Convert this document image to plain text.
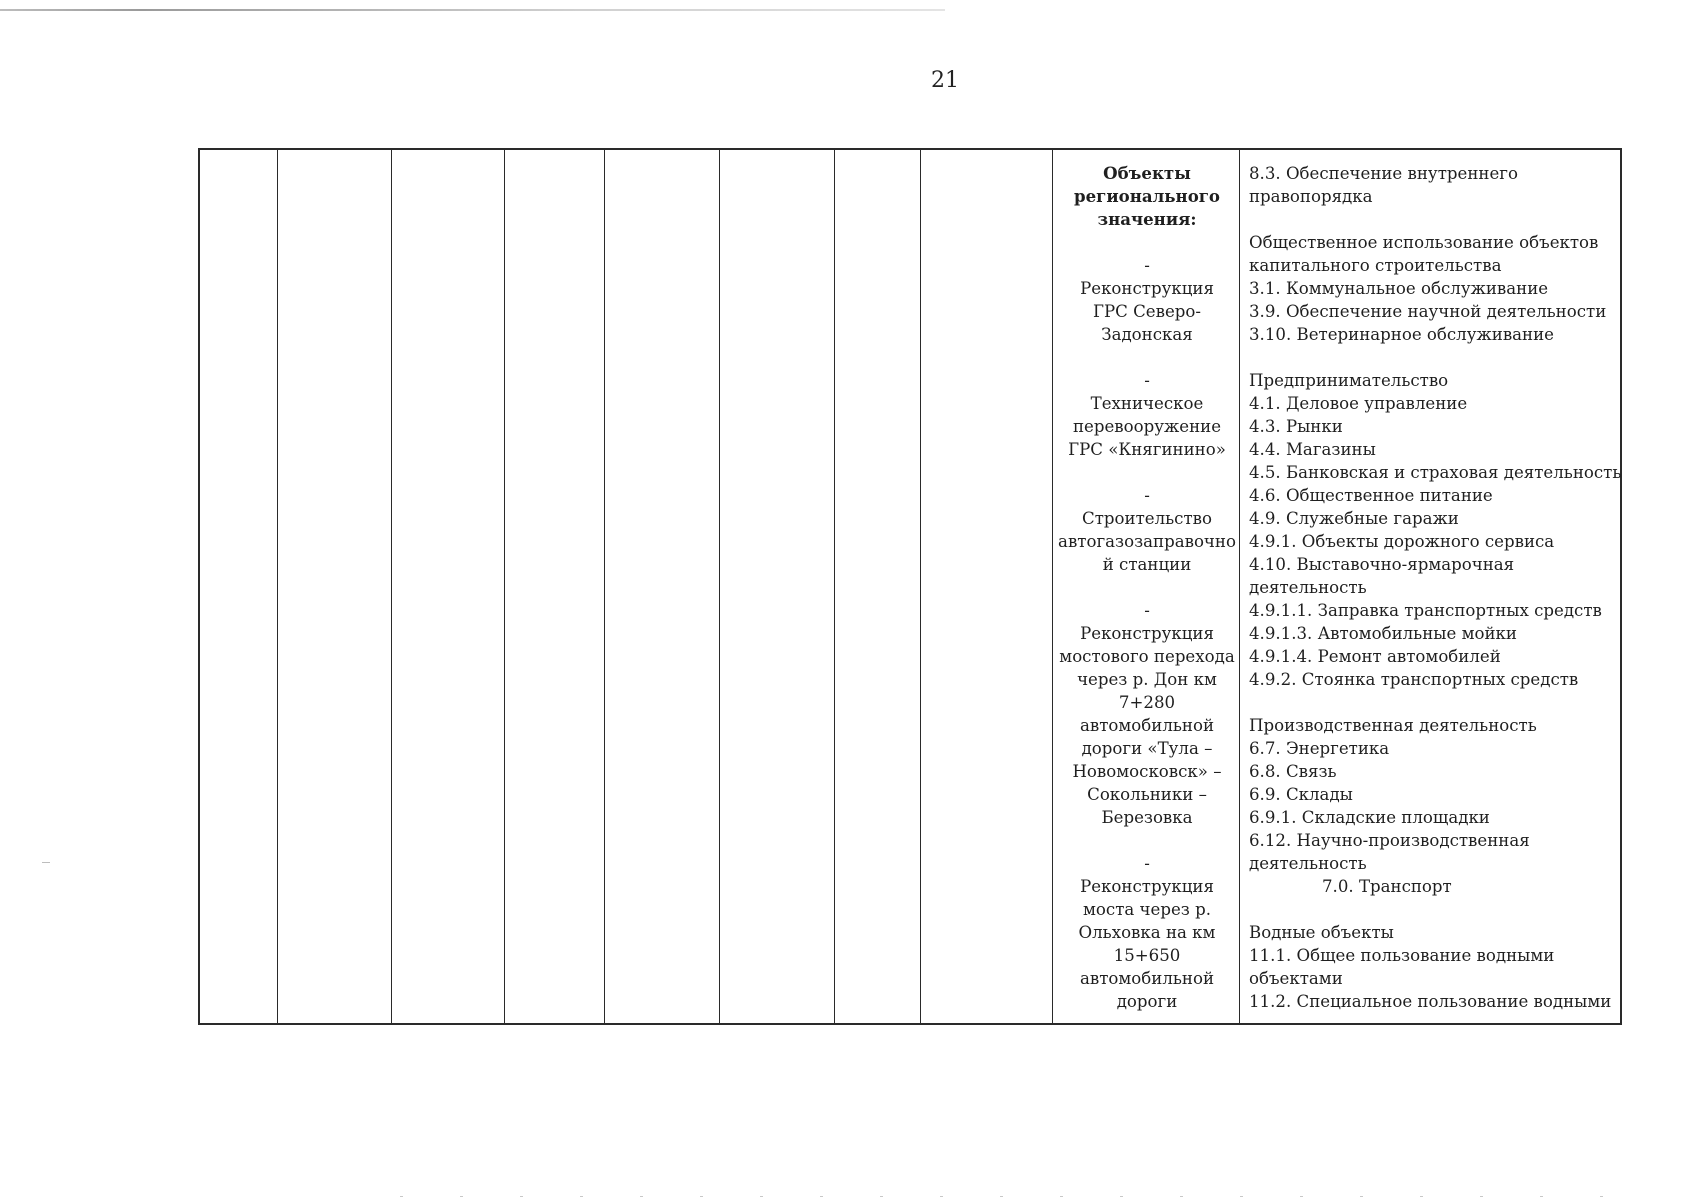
21

Объекты

регионального

значения:

-

Реконструкция

ГРС Северо-

Задонская

-

Техническое

перевооружение

ГРС «Княгинино»

-

Строительство

автогазозаправочно

й станции

-

Реконструкция

мостового перехода

через р. Дон км

7+280

автомобильной

дороги «Тула –

Новомосковск» –

Сокольники –

Березовка

-

Реконструкция

моста через р.

Ольховка на км

15+650

автомобильной

дороги

8.3. Обеспечение внутреннего

правопорядка

Общественное использование объектов

капитального строительства

3.1. Коммунальное обслуживание

3.9. Обеспечение научной деятельности

3.10. Ветеринарное обслуживание

Предпринимательство

4.1. Деловое управление

4.3. Рынки

4.4. Магазины

4.5. Банковская и страховая деятельность

4.6. Общественное питание

4.9. Служебные гаражи

4.9.1. Объекты дорожного сервиса

4.10. Выставочно-ярмарочная

деятельность

4.9.1.1. Заправка транспортных средств

4.9.1.3. Автомобильные мойки

4.9.1.4. Ремонт автомобилей

4.9.2. Стоянка транспортных средств

Производственная деятельность

6.7. Энергетика

6.8. Связь

6.9. Склады

6.9.1. Складские площадки

6.12. Научно-производственная

деятельность

7.0. Транспорт

Водные объекты

11.1. Общее пользование водными

объектами

11.2. Специальное пользование водными
